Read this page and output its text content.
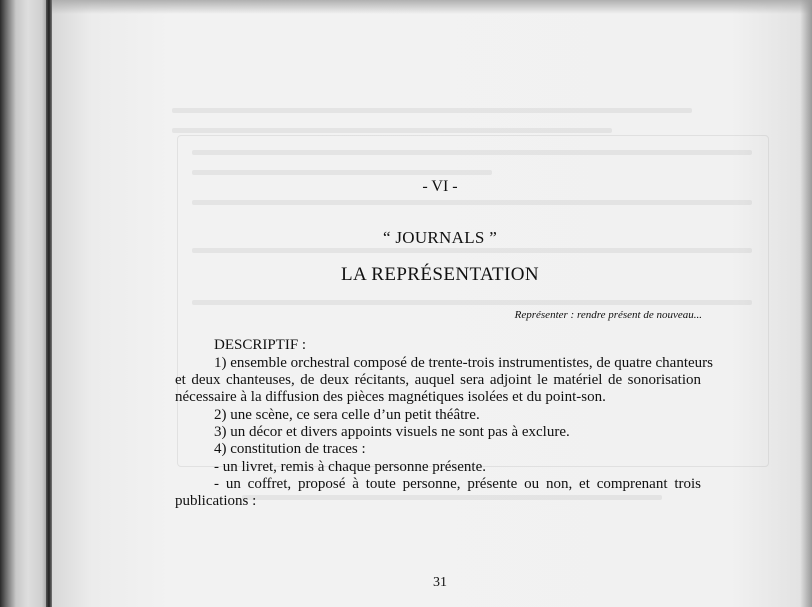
- VI -
“ JOURNALS ”
LA REPRÉSENTATION
Représenter : rendre présent de nouveau...
DESCRIPTIF :
1) ensemble orchestral composé de trente-trois instrumentistes, de quatre chanteurs
et deux chanteuses, de deux récitants, auquel sera adjoint le matériel de sonorisation
nécessaire à la diffusion des pièces magnétiques isolées et du point-son.
2) une scène, ce sera celle d’un petit théâtre.
3) un décor et divers appoints visuels ne sont pas à exclure.
4) constitution de traces :
- un livret, remis à chaque personne présente.
- un coffret, proposé à toute personne, présente ou non, et comprenant trois
publications :
31
